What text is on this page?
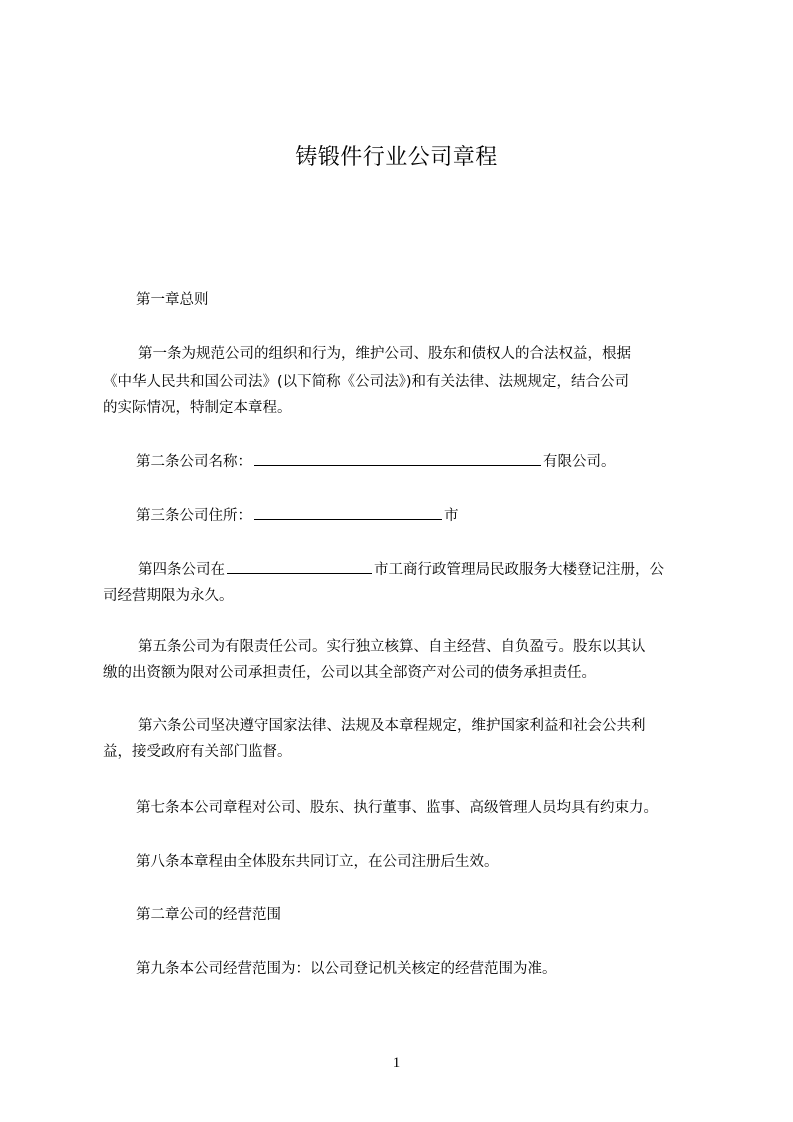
铸锻件行业公司章程
第一章总则
第一条为规范公司的组织和行为，维护公司、股东和债权人的合法权益，根据
《中华人民共和国公司法》(以下简称《公司法》)和有关法律、法规规定，结合公司
的实际情况，特制定本章程。
第二条公司名称：	有限公司。
第三条公司住所：	市
第四条公司在	市工商行政管理局民政服务大楼登记注册，公
司经营期限为永久。
第五条公司为有限责任公司。实行独立核算、自主经营、自负盈亏。股东以其认
缴的出资额为限对公司承担责任，公司以其全部资产对公司的债务承担责任。
第六条公司坚决遵守国家法律、法规及本章程规定，维护国家利益和社会公共利
益，接受政府有关部门监督。
第七条本公司章程对公司、股东、执行董事、监事、高级管理人员均具有约束力。
第八条本章程由全体股东共同订立，在公司注册后生效。
第二章公司的经营范围
第九条本公司经营范围为：以公司登记机关核定的经营范围为准。
1
